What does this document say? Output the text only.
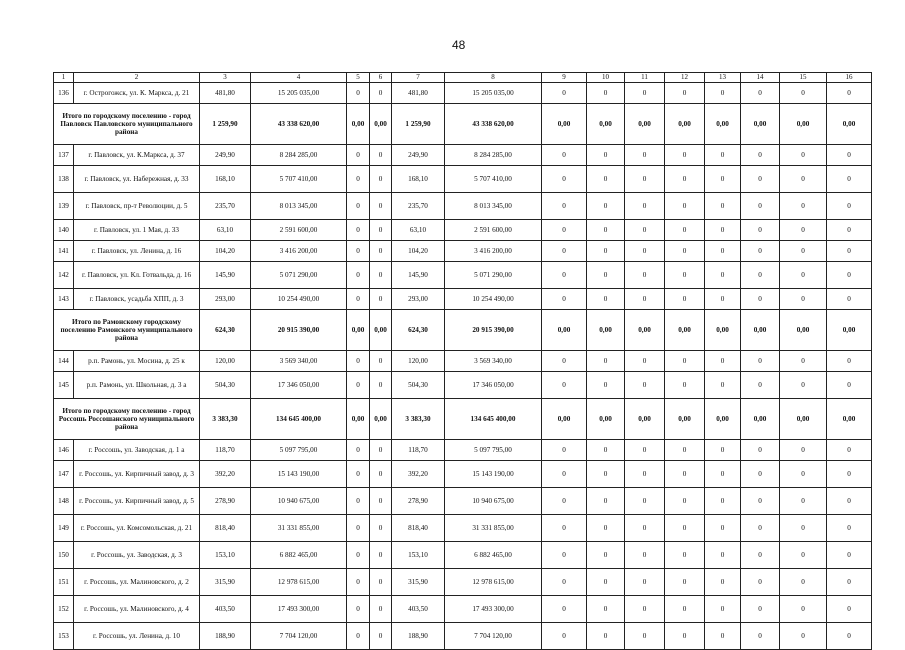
48
1	2	3	4	5	6	7	8	9	10	11	12	13	14	15	16
136	г. Острогожск, ул. К. Маркса, д. 21	481,80	15 205 035,00	0	0	481,80	15 205 035,00	0	0	0	0	0	0	0	0
Итого по городскому поселению - город Павловск Павловского муниципального района		1 259,90	43 338 620,00	0,00	0,00	1 259,90	43 338 620,00	0,00	0,00	0,00	0,00	0,00	0,00	0,00	0,00
137	г. Павловск, ул. К.Маркса, д. 37	249,90	8 284 285,00	0	0	249,90	8 284 285,00	0	0	0	0	0	0	0	0
138	г. Павловск, ул. Набережная, д. 33	168,10	5 707 410,00	0	0	168,10	5 707 410,00	0	0	0	0	0	0	0	0
139	г. Павловск, пр-т Революции, д. 5	235,70	8 013 345,00	0	0	235,70	8 013 345,00	0	0	0	0	0	0	0	0
140	г. Павловск, ул. 1 Мая, д. 33	63,10	2 591 600,00	0	0	63,10	2 591 600,00	0	0	0	0	0	0	0	0
141	г. Павловск, ул. Ленина, д. 16	104,20	3 416 200,00	0	0	104,20	3 416 200,00	0	0	0	0	0	0	0	0
142	г. Павловск, ул. Кл. Готвальда, д. 16	145,90	5 071 290,00	0	0	145,90	5 071 290,00	0	0	0	0	0	0	0	0
143	г. Павловск, усадьба ХПП, д. 3	293,00	10 254 490,00	0	0	293,00	10 254 490,00	0	0	0	0	0	0	0	0
Итого по Рамонскому городскому поселению Рамонского муниципального района		624,30	20 915 390,00	0,00	0,00	624,30	20 915 390,00	0,00	0,00	0,00	0,00	0,00	0,00	0,00	0,00
144	р.п. Рамонь, ул. Мосина, д. 25 к	120,00	3 569 340,00	0	0	120,00	3 569 340,00	0	0	0	0	0	0	0	0
145	р.п. Рамонь, ул. Школьная, д. 3 а	504,30	17 346 050,00	0	0	504,30	17 346 050,00	0	0	0	0	0	0	0	0
Итого по городскому поселению - город Россошь Россошанского муниципального района		3 383,30	134 645 400,00	0,00	0,00	3 383,30	134 645 400,00	0,00	0,00	0,00	0,00	0,00	0,00	0,00	0,00
146	г. Россошь, ул. Заводская, д. 1 а	118,70	5 097 795,00	0	0	118,70	5 097 795,00	0	0	0	0	0	0	0	0
147	г. Россошь, ул. Кирпичный завод, д. 3	392,20	15 143 190,00	0	0	392,20	15 143 190,00	0	0	0	0	0	0	0	0
148	г. Россошь, ул. Кирпичный завод, д. 5	278,90	10 940 675,00	0	0	278,90	10 940 675,00	0	0	0	0	0	0	0	0
149	г. Россошь, ул. Комсомольская, д. 21	818,40	31 331 855,00	0	0	818,40	31 331 855,00	0	0	0	0	0	0	0	0
150	г. Россошь, ул. Заводская, д. 3	153,10	6 882 465,00	0	0	153,10	6 882 465,00	0	0	0	0	0	0	0	0
151	г. Россошь, ул. Малиновского, д. 2	315,90	12 978 615,00	0	0	315,90	12 978 615,00	0	0	0	0	0	0	0	0
152	г. Россошь, ул. Малиновского, д. 4	403,50	17 493 300,00	0	0	403,50	17 493 300,00	0	0	0	0	0	0	0	0
153	г. Россошь, ул. Ленина, д. 10	188,90	7 704 120,00	0	0	188,90	7 704 120,00	0	0	0	0	0	0	0	0
